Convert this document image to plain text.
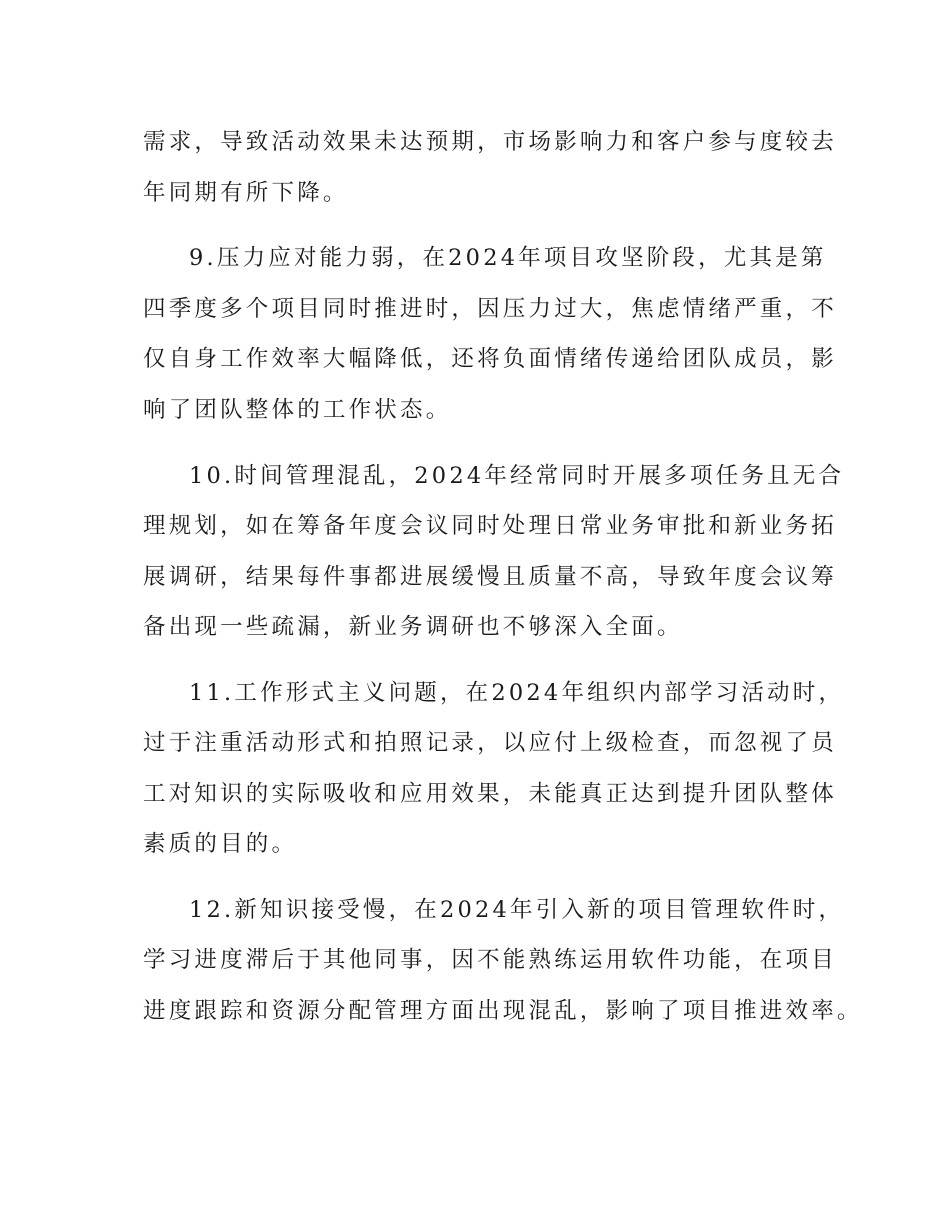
需求，导致活动效果未达预期，市场影响力和客户参与度较去
年同期有所下降。
9.压力应对能力弱，在2024年项目攻坚阶段，尤其是第
四季度多个项目同时推进时，因压力过大，焦虑情绪严重，不
仅自身工作效率大幅降低，还将负面情绪传递给团队成员，影
响了团队整体的工作状态。
10.时间管理混乱，2024年经常同时开展多项任务且无合
理规划，如在筹备年度会议同时处理日常业务审批和新业务拓
展调研，结果每件事都进展缓慢且质量不高，导致年度会议筹
备出现一些疏漏，新业务调研也不够深入全面。
11.工作形式主义问题，在2024年组织内部学习活动时，
过于注重活动形式和拍照记录，以应付上级检查，而忽视了员
工对知识的实际吸收和应用效果，未能真正达到提升团队整体
素质的目的。
12.新知识接受慢，在2024年引入新的项目管理软件时，
学习进度滞后于其他同事，因不能熟练运用软件功能，在项目
进度跟踪和资源分配管理方面出现混乱，影响了项目推进效率。
